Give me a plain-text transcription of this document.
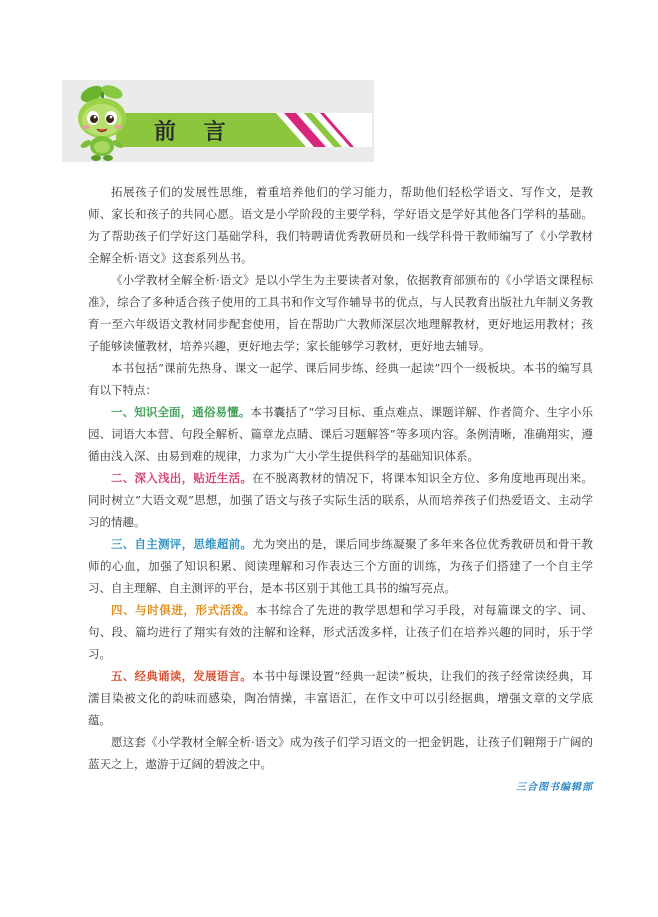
前 言

拓展孩子们的发展性思维，着重培养他们的学习能力，帮助他们轻松学语文、写作文，是教师、家长和孩子的共同心愿。语文是小学阶段的主要学科，学好语文是学好其他各门学科的基础。为了帮助孩子们学好这门基础学科，我们特聘请优秀教研员和一线学科骨干教师编写了《小学教材全解全析·语文》这套系列丛书。

《小学教材全解全析·语文》是以小学生为主要读者对象，依据教育部颁布的《小学语文课程标准》，综合了多种适合孩子使用的工具书和作文写作辅导书的优点，与人民教育出版社九年制义务教育一至六年级语文教材同步配套使用，旨在帮助广大教师深层次地理解教材，更好地运用教材；孩子能够读懂教材，培养兴趣，更好地去学；家长能够学习教材，更好地去辅导。

本书包括“课前先热身、课文一起学、课后同步练、经典一起读”四个一级板块。本书的编写具有以下特点：

一、知识全面，通俗易懂。本书囊括了“学习目标、重点难点、课题详解、作者简介、生字小乐园、词语大本营、句段全解析、篇章龙点睛、课后习题解答”等多项内容。条例清晰，准确翔实，遵循由浅入深、由易到难的规律，力求为广大小学生提供科学的基础知识体系。

二、深入浅出，贴近生活。在不脱离教材的情况下，将课本知识全方位、多角度地再现出来。同时树立“大语文观”思想，加强了语文与孩子实际生活的联系，从而培养孩子们热爱语文、主动学习的情趣。

三、自主测评，思维超前。尤为突出的是，课后同步练凝聚了多年来各位优秀教研员和骨干教师的心血，加强了知识积累、阅读理解和习作表达三个方面的训练，为孩子们搭建了一个自主学习、自主理解、自主测评的平台，是本书区别于其他工具书的编写亮点。

四、与时俱进，形式活泼。本书综合了先进的教学思想和学习手段，对每篇课文的字、词、句、段、篇均进行了翔实有效的注解和诠释，形式活泼多样，让孩子们在培养兴趣的同时，乐于学习。

五、经典诵读，发展语言。本书中每课设置“经典一起读”板块，让我们的孩子经常读经典，耳濡目染被文化的韵味而感染，陶冶情操，丰富语汇，在作文中可以引经据典，增强文章的文学底蕴。

愿这套《小学教材全解全析·语文》成为孩子们学习语文的一把金钥匙，让孩子们翱翔于广阔的蓝天之上，遨游于辽阔的碧波之中。

三合图书编辑部
